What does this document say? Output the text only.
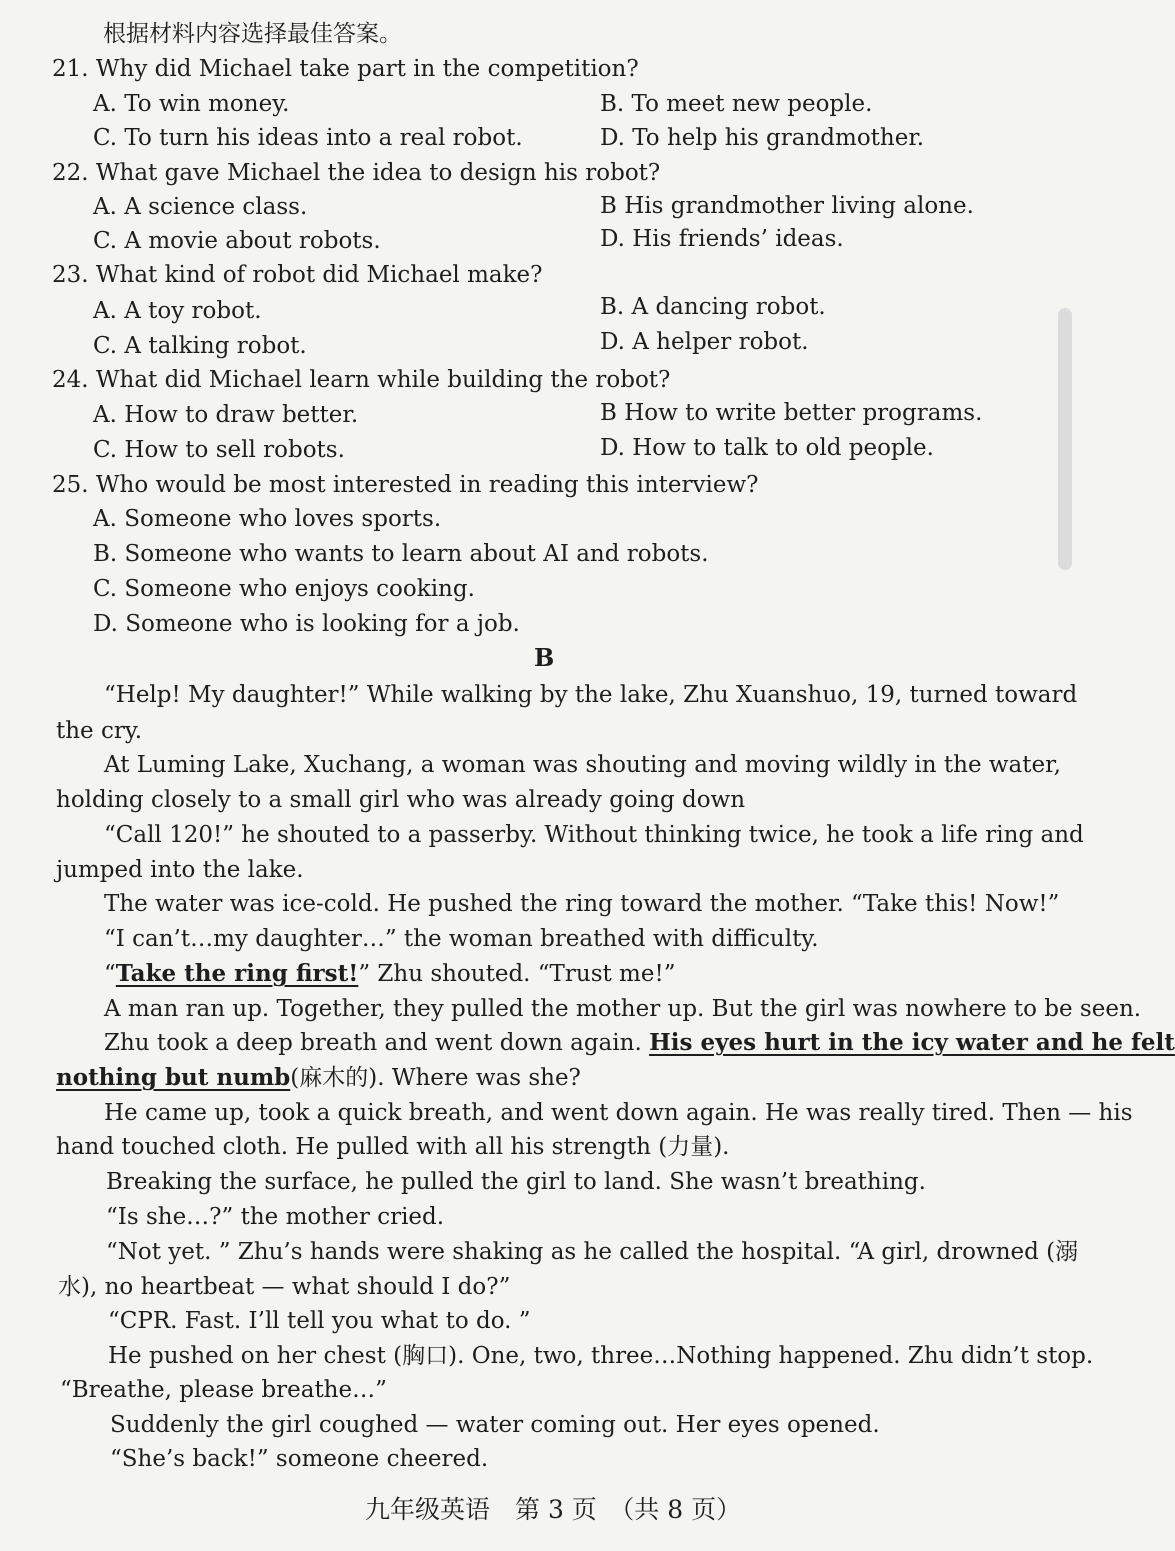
根据材料内容选择最佳答案。
21. Why did Michael take part in the competition?
A. To win money.	B. To meet new people.
C. To turn his ideas into a real robot.	D. To help his grandmother.
22. What gave Michael the idea to design his robot?
A. A science class.	B His grandmother living alone.
C. A movie about robots.	D. His friends’ ideas.
23. What kind of robot did Michael make?
A. A toy robot.	B. A dancing robot.
C. A talking robot.	D. A helper robot.
24. What did Michael learn while building the robot?
A. How to draw better.	B How to write better programs.
C. How to sell robots.	D. How to talk to old people.
25. Who would be most interested in reading this interview?
A. Someone who loves sports.
B. Someone who wants to learn about AI and robots.
C. Someone who enjoys cooking.
D. Someone who is looking for a job.
B
“Help! My daughter!” While walking by the lake, Zhu Xuanshuo, 19, turned toward
the cry.
At Luming Lake, Xuchang, a woman was shouting and moving wildly in the water,
holding closely to a small girl who was already going down
“Call 120!” he shouted to a passerby. Without thinking twice, he took a life ring and
jumped into the lake.
The water was ice-cold. He pushed the ring toward the mother. “Take this! Now!”
“I can’t…my daughter…” the woman breathed with difficulty.
“Take the ring first!” Zhu shouted. “Trust me!”
A man ran up. Together, they pulled the mother up. But the girl was nowhere to be seen.
Zhu took a deep breath and went down again. His eyes hurt in the icy water and he felt
nothing but numb(麻木的). Where was she?
He came up, took a quick breath, and went down again. He was really tired. Then — his
hand touched cloth. He pulled with all his strength (力量).
Breaking the surface, he pulled the girl to land. She wasn’t breathing.
“Is she…?” the mother cried.
“Not yet. ” Zhu’s hands were shaking as he called the hospital. “A girl, drowned (溺
水), no heartbeat — what should I do?”
“CPR. Fast. I’ll tell you what to do. ”
He pushed on her chest (胸口). One, two, three…Nothing happened. Zhu didn’t stop.
“Breathe, please breathe…”
Suddenly the girl coughed — water coming out. Her eyes opened.
“She’s back!” someone cheered.
九年级英语　第 3 页　（共 8 页）
